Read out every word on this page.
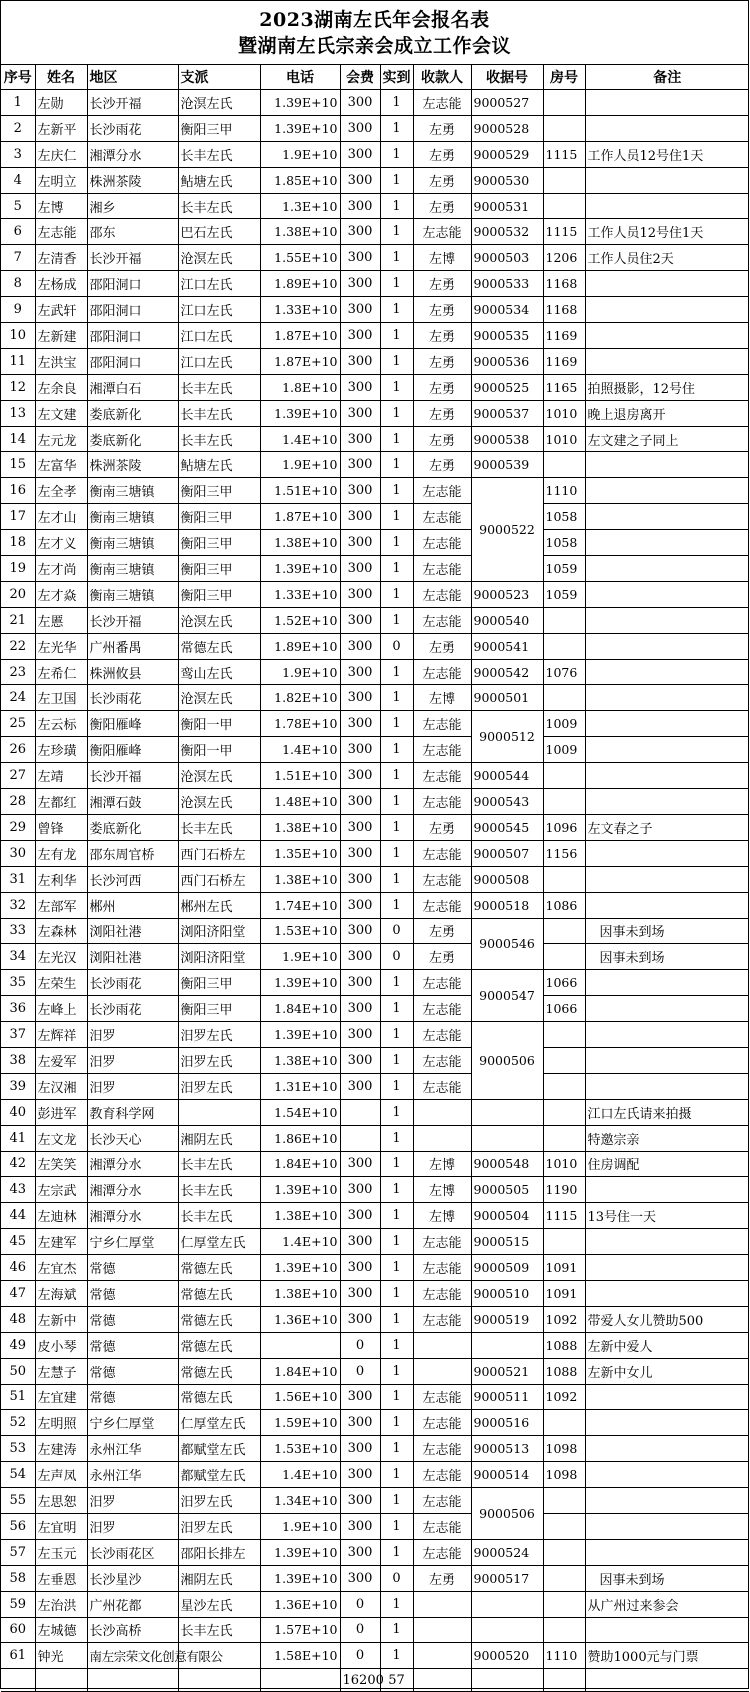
2023湖南左氏年会报名表
暨湖南左氏宗亲会成立工作会议
序号	姓名	地区	支派	电话	会费	实到	收款人	收据号	房号	备注
1	左勋	长沙开福	沧溟左氏	1.39E+10	300	1	左志能	9000527		
2	左新平	长沙雨花	衡阳三甲	1.39E+10	300	1	左勇	9000528		
3	左庆仁	湘潭分水	长丰左氏	1.9E+10	300	1	左勇	9000529	1115	工作人员12号住1天
4	左明立	株洲茶陵	鲇塘左氏	1.85E+10	300	1	左勇	9000530		
5	左博	湘乡	长丰左氏	1.3E+10	300	1	左勇	9000531		
6	左志能	邵东	巴石左氏	1.38E+10	300	1	左志能	9000532	1115	工作人员12号住1天
7	左清香	长沙开福	沧溟左氏	1.55E+10	300	1	左博	9000503	1206	工作人员住2天
8	左杨成	邵阳洞口	江口左氏	1.89E+10	300	1	左勇	9000533	1168	
9	左武轩	邵阳洞口	江口左氏	1.33E+10	300	1	左勇	9000534	1168	
10	左新建	邵阳洞口	江口左氏	1.87E+10	300	1	左勇	9000535	1169	
11	左洪宝	邵阳洞口	江口左氏	1.87E+10	300	1	左勇	9000536	1169	
12	左余良	湘潭白石	长丰左氏	1.8E+10	300	1	左勇	9000525	1165	拍照摄影，12号住
13	左文建	娄底新化	长丰左氏	1.39E+10	300	1	左勇	9000537	1010	晚上退房离开
14	左元龙	娄底新化	长丰左氏	1.4E+10	300	1	左勇	9000538	1010	左文建之子同上
15	左富华	株洲茶陵	鲇塘左氏	1.9E+10	300	1	左勇	9000539		
16	左全孝	衡南三塘镇	衡阳三甲	1.51E+10	300	1	左志能	9000522	1110	
17	左才山	衡南三塘镇	衡阳三甲	1.87E+10	300	1	左志能		1058	
18	左才义	衡南三塘镇	衡阳三甲	1.38E+10	300	1	左志能		1058	
19	左才尚	衡南三塘镇	衡阳三甲	1.39E+10	300	1	左志能		1059	
20	左才焱	衡南三塘镇	衡阳三甲	1.33E+10	300	1	左志能	9000523	1059	
21	左慝	长沙开福	沧溟左氏	1.52E+10	300	1	左志能	9000540		
22	左光华	广州番禺	常德左氏	1.89E+10	300	0	左勇	9000541		
23	左希仁	株洲攸县	鸾山左氏	1.9E+10	300	1	左志能	9000542	1076	
24	左卫国	长沙雨花	沧溟左氏	1.82E+10	300	1	左博	9000501		
25	左云标	衡阳雁峰	衡阳一甲	1.78E+10	300	1	左志能	9000512	1009	
26	左珍璜	衡阳雁峰	衡阳一甲	1.4E+10	300	1	左志能		1009	
27	左靖	长沙开福	沧溟左氏	1.51E+10	300	1	左志能	9000544		
28	左都红	湘潭石鼓	沧溟左氏	1.48E+10	300	1	左志能	9000543		
29	曾锋	娄底新化	长丰左氏	1.38E+10	300	1	左勇	9000545	1096	左文春之子
30	左有龙	邵东周官桥	西门石桥左	1.35E+10	300	1	左志能	9000507	1156	
31	左利华	长沙河西	西门石桥左	1.38E+10	300	1	左志能	9000508		
32	左部军	郴州	郴州左氏	1.74E+10	300	1	左志能	9000518	1086	
33	左森林	浏阳社港	浏阳济阳堂	1.53E+10	300	0	左勇	9000546		因事未到场
34	左光汉	浏阳社港	浏阳济阳堂	1.9E+10	300	0	左勇			因事未到场
35	左荣生	长沙雨花	衡阳三甲	1.39E+10	300	1	左志能	9000547	1066	
36	左峰上	长沙雨花	衡阳三甲	1.84E+10	300	1	左志能		1066	
37	左辉祥	汨罗	汨罗左氏	1.39E+10	300	1	左志能	9000506		
38	左爱军	汨罗	汨罗左氏	1.38E+10	300	1	左志能			
39	左汉湘	汨罗	汨罗左氏	1.31E+10	300	1	左志能			
40	彭进军	教育科学网		1.54E+10		1				江口左氏请来拍摄
41	左文龙	长沙天心	湘阴左氏	1.86E+10		1				特邀宗亲
42	左笑笑	湘潭分水	长丰左氏	1.84E+10	300	1	左博	9000548	1010	住房调配
43	左宗武	湘潭分水	长丰左氏	1.39E+10	300	1	左博	9000505	1190	
44	左迪林	湘潭分水	长丰左氏	1.38E+10	300	1	左博	9000504	1115	13号住一天
45	左建军	宁乡仁厚堂	仁厚堂左氏	1.4E+10	300	1	左志能	9000515		
46	左宜杰	常德	常德左氏	1.39E+10	300	1	左志能	9000509	1091	
47	左海斌	常德	常德左氏	1.38E+10	300	1	左志能	9000510	1091	
48	左新中	常德	常德左氏	1.36E+10	300	1	左志能	9000519	1092	带爱人女儿赞助500
49	皮小琴	常德	常德左氏		0	1			1088	左新中爱人
50	左慧子	常德	常德左氏	1.84E+10	0	1		9000521	1088	左新中女儿
51	左宜建	常德	常德左氏	1.56E+10	300	1	左志能	9000511	1092	
52	左明照	宁乡仁厚堂	仁厚堂左氏	1.59E+10	300	1	左志能	9000516		
53	左建涛	永州江华	都赋堂左氏	1.53E+10	300	1	左志能	9000513	1098	
54	左声凤	永州江华	都赋堂左氏	1.4E+10	300	1	左志能	9000514	1098	
55	左思恕	汨罗	汨罗左氏	1.34E+10	300	1	左志能	9000506		
56	左宜明	汨罗	汨罗左氏	1.9E+10	300	1	左志能			
57	左玉元	长沙雨花区	邵阳长排左	1.39E+10	300	1	左志能	9000524		
58	左垂恩	长沙星沙	湘阴左氏	1.39E+10	300	0	左勇	9000517		因事未到场
59	左治洪	广州花都	星沙左氏	1.36E+10	0	1				从广州过来参会
60	左城德	长沙高桥	长丰左氏	1.57E+10	0	1				
61	钟光	南左宗荣文化创意有限公		1.58E+10	0	1		9000520	1110	赞助1000元与门票
					16200	57				
